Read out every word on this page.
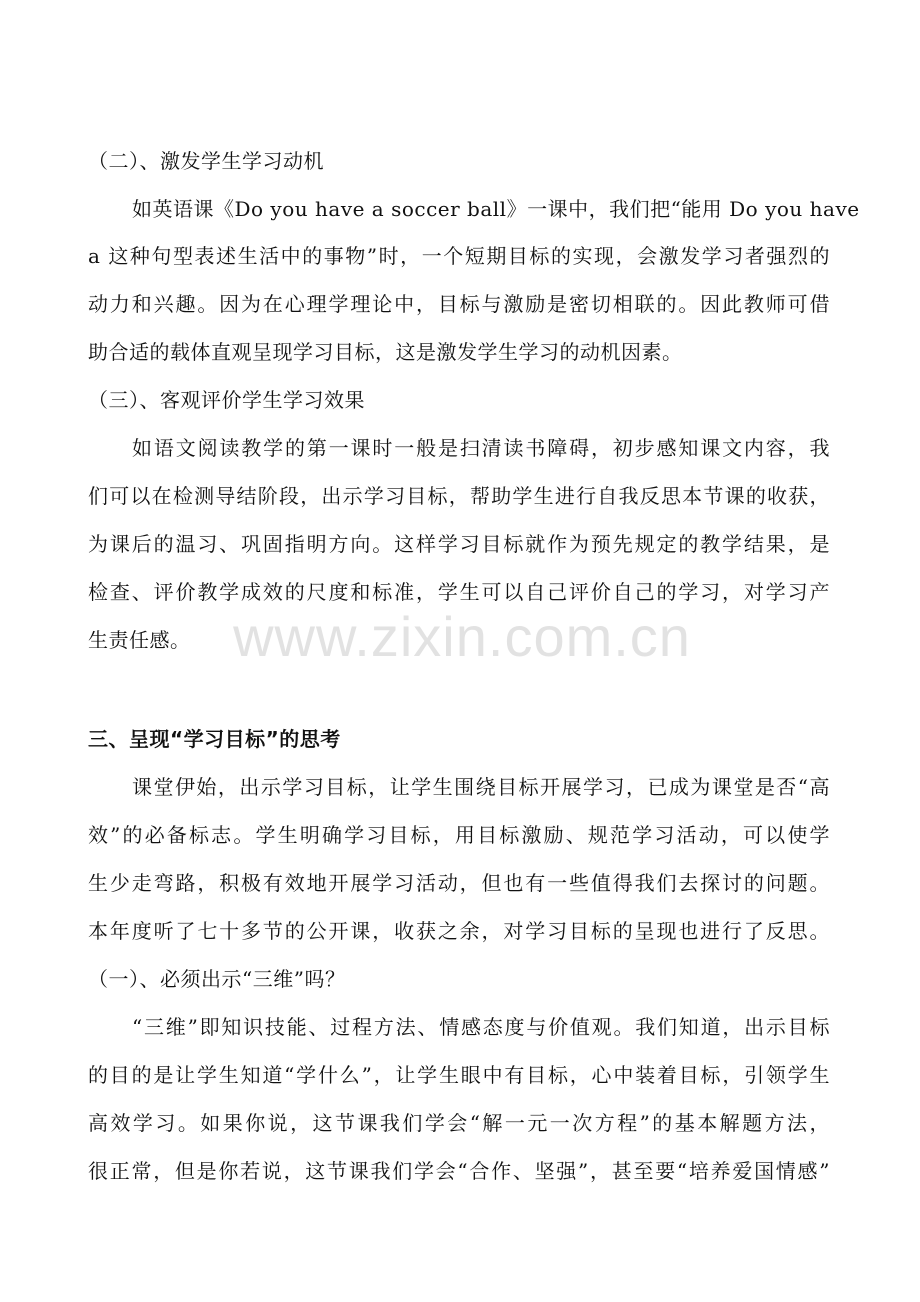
（二）、激发学生学习动机
如英语课《Do you have a soccer ball》一课中，我们把“能用 Do you have
a 这种句型表述生活中的事物”时，一个短期目标的实现，会激发学习者强烈的
动力和兴趣。因为在心理学理论中，目标与激励是密切相联的。因此教师可借
助合适的载体直观呈现学习目标，这是激发学生学习的动机因素。
（三）、客观评价学生学习效果
如语文阅读教学的第一课时一般是扫清读书障碍，初步感知课文内容，我
们可以在检测导结阶段，出示学习目标，帮助学生进行自我反思本节课的收获，
为课后的温习、巩固指明方向。这样学习目标就作为预先规定的教学结果，是
检查、评价教学成效的尺度和标准，学生可以自己评价自己的学习，对学习产
生责任感。
三、呈现“学习目标”的思考
课堂伊始，出示学习目标，让学生围绕目标开展学习，已成为课堂是否“高
效”的必备标志。学生明确学习目标，用目标激励、规范学习活动，可以使学
生少走弯路，积极有效地开展学习活动，但也有一些值得我们去探讨的问题。
本年度听了七十多节的公开课，收获之余，对学习目标的呈现也进行了反思。
（一）、必须出示“三维”吗？
“三维”即知识技能、过程方法、情感态度与价值观。我们知道，出示目标
的目的是让学生知道“学什么”，让学生眼中有目标，心中装着目标，引领学生
高效学习。如果你说，这节课我们学会“解一元一次方程”的基本解题方法，
很正常，但是你若说，这节课我们学会“合作、坚强”，甚至要“培养爱国情感”
www.zixin.com.cn
